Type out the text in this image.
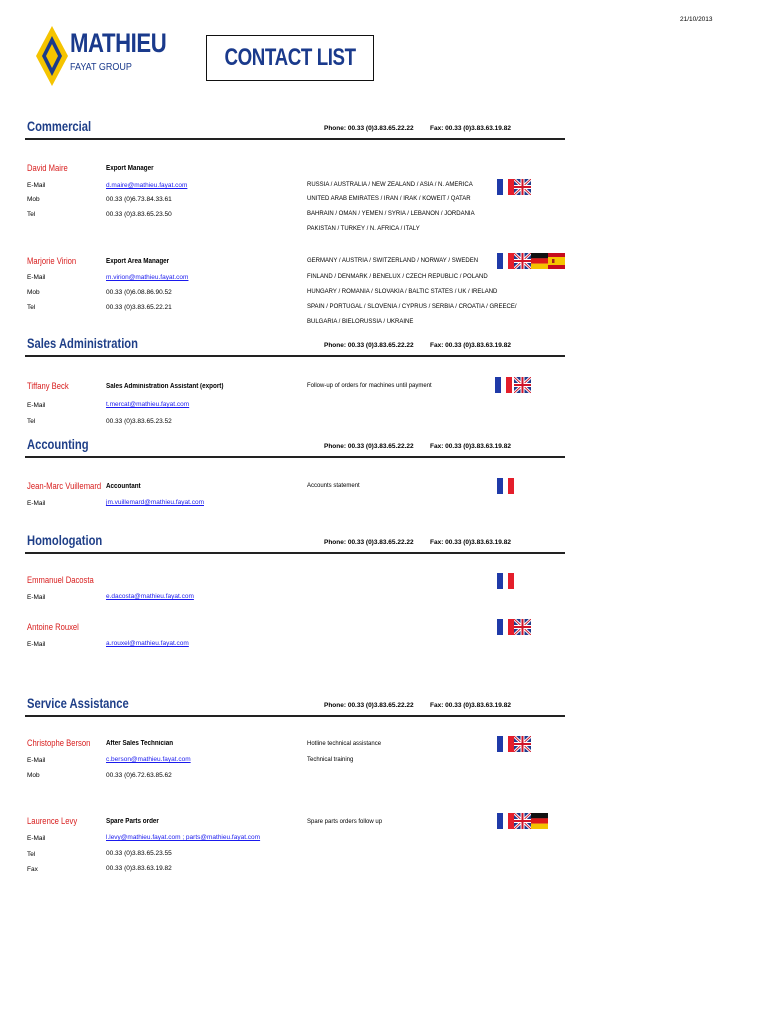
21/10/2013
MATHIEU
FAYAT GROUP	CONTACT LIST
Commercial	Phone: 00.33 (0)3.83.65.22.22	Fax: 00.33 (0)3.83.63.19.82
David Maire	Export Manager
E-Mail	d.maire@mathieu.fayat.com
Mob	00.33 (0)6.73.84.33.61
Tel	00.33 (0)3.83.65.23.50
RUSSIA / AUSTRALIA / NEW ZEALAND / ASIA / N. AMERICA
UNITED ARAB EMIRATES / IRAN / IRAK / KOWEIT / QATAR
BAHRAIN / OMAN / YEMEN / SYRIA / LEBANON / JORDANIA
PAKISTAN / TURKEY / N. AFRICA / ITALY
Marjorie Virion	Export Area Manager
E-Mail	m.virion@mathieu.fayat.com
Mob	00.33 (0)6.08.86.90.52
Tel	00.33 (0)3.83.65.22.21
GERMANY / AUSTRIA / SWITZERLAND / NORWAY / SWEDEN
FINLAND / DENMARK / BENELUX / CZECH REPUBLIC / POLAND
HUNGARY / ROMANIA / SLOVAKIA / BALTIC STATES / UK / IRELAND
SPAIN / PORTUGAL / SLOVENIA / CYPRUS / SERBIA / CROATIA / GREECE/
BULGARIA / BIELORUSSIA / UKRAINE
Sales Administration	Phone: 00.33 (0)3.83.65.22.22	Fax: 00.33 (0)3.83.63.19.82
Tiffany Beck	Sales Administration Assistant (export)	Follow-up of orders for machines until payment
E-Mail	t.mercat@mathieu.fayat.com
Tel	00.33 (0)3.83.65.23.52
Accounting	Phone: 00.33 (0)3.83.65.22.22	Fax: 00.33 (0)3.83.63.19.82
Jean-Marc Vuillemard Accountant	Accounts statement
E-Mail	jm.vuillemard@mathieu.fayat.com
Homologation	Phone: 00.33 (0)3.83.65.22.22	Fax: 00.33 (0)3.83.63.19.82
Emmanuel Dacosta
E-Mail	e.dacosta@mathieu.fayat.com
Antoine Rouxel
E-Mail	a.rouxel@mathieu.fayat.com
Service Assistance	Phone: 00.33 (0)3.83.65.22.22	Fax: 00.33 (0)3.83.63.19.82
Christophe Berson After Sales Technician	Hotline technical assistance
E-Mail	c.berson@mathieu.fayat.com	Technical training
Mob	00.33 (0)6.72.63.85.62
Laurence Levy	Spare Parts order	Spare parts orders follow up
E-Mail	l.levy@mathieu.fayat.com ; parts@mathieu.fayat.com
Tel	00.33 (0)3.83.65.23.55
Fax	00.33 (0)3.83.63.19.82
